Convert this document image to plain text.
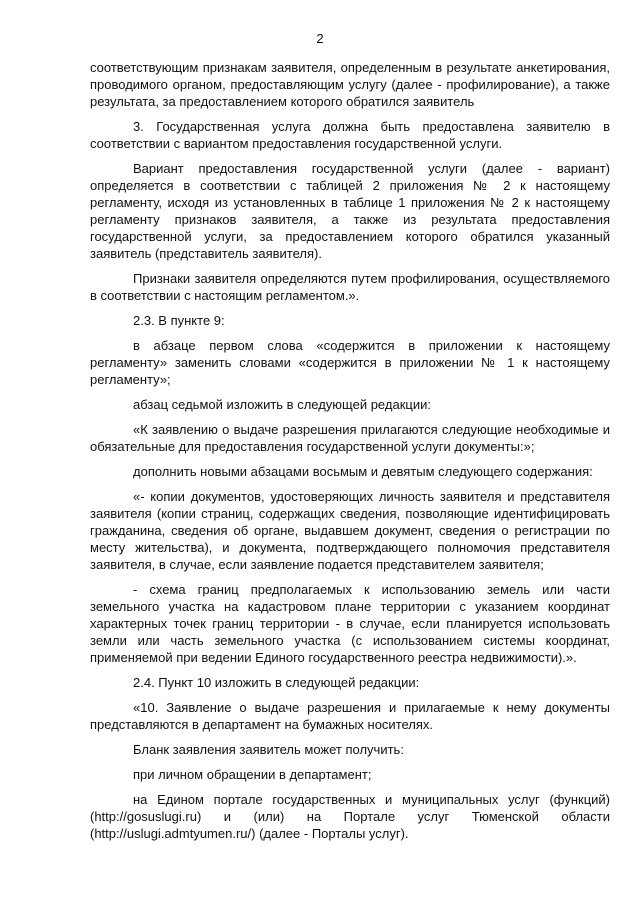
2

соответствующим признакам заявителя, определенным в результате анкетирования, проводимого органом, предоставляющим услугу (далее - профилирование), а также результата, за предоставлением которого обратился заявитель

3. Государственная услуга должна быть предоставлена заявителю в соответствии с вариантом предоставления государственной услуги.

Вариант предоставления государственной услуги (далее - вариант) определяется в соответствии с таблицей 2 приложения № 2 к настоящему регламенту, исходя из установленных в таблице 1 приложения № 2 к настоящему регламенту признаков заявителя, а также из результата предоставления государственной услуги, за предоставлением которого обратился указанный заявитель (представитель заявителя).

Признаки заявителя определяются путем профилирования, осуществляемого в соответствии с настоящим регламентом.».

2.3. В пункте 9:

в абзаце первом слова «содержится в приложении к настоящему регламенту» заменить словами «содержится в приложении № 1 к настоящему регламенту»;

абзац седьмой изложить в следующей редакции:

«К заявлению о выдаче разрешения прилагаются следующие необходимые и обязательные для предоставления государственной услуги документы:»;

дополнить новыми абзацами восьмым и девятым следующего содержания:

«- копии документов, удостоверяющих личность заявителя и представителя заявителя (копии страниц, содержащих сведения, позволяющие идентифицировать гражданина, сведения об органе, выдавшем документ, сведения о регистрации по месту жительства), и документа, подтверждающего полномочия представителя заявителя, в случае, если заявление подается представителем заявителя;

- схема границ предполагаемых к использованию земель или части земельного участка на кадастровом плане территории с указанием координат характерных точек границ территории - в случае, если планируется использовать земли или часть земельного участка (с использованием системы координат, применяемой при ведении Единого государственного реестра недвижимости).».

2.4. Пункт 10 изложить в следующей редакции:

«10. Заявление о выдаче разрешения и прилагаемые к нему документы представляются в департамент на бумажных носителях.

Бланк заявления заявитель может получить:

при личном обращении в департамент;

на Едином портале государственных и муниципальных услуг (функций) (http://gosuslugi.ru) и (или) на Портале услуг Тюменской области (http://uslugi.admtyumen.ru/) (далее - Порталы услуг).
